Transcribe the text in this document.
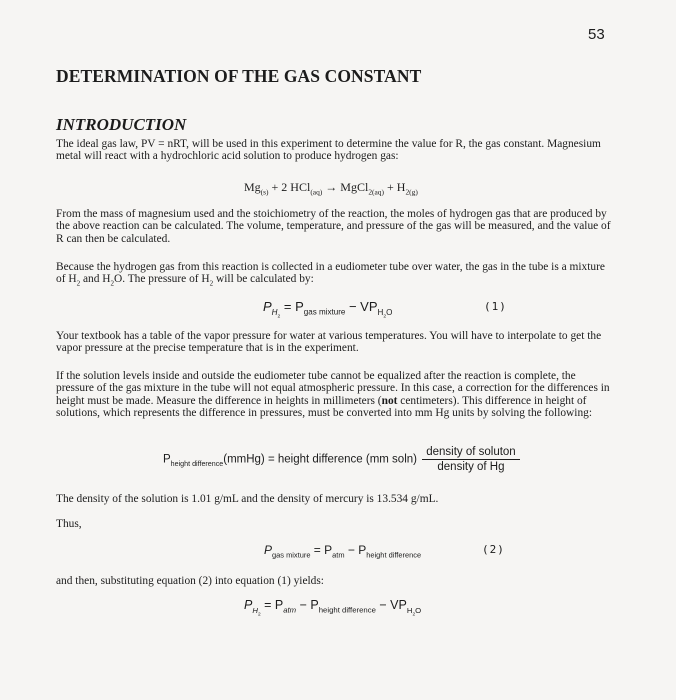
53
DETERMINATION OF THE GAS CONSTANT
INTRODUCTION
The ideal gas law, PV = nRT, will be used in this experiment to determine the value for R, the gas constant. Magnesium metal will react with a hydrochloric acid solution to produce hydrogen gas:
$Mg_{(s)} + 2$ HCl$_{(aq)}$ → MgCl$_{2(aq)}$ + $H_{2(g)}$
From the mass of magnesium used and the stoichiometry of the reaction, the moles of hydrogen gas that are produced by the above reaction can be calculated. The volume, temperature, and pressure of the gas will be measured, and the value of R can then be calculated.
Because the hydrogen gas from this reaction is collected in a eudiometer tube over water, the gas in the tube is a mixture of $H_2$ and $H_2O$. The pressure of $H_2$ will be calculated by:
$P_{H_2} = P_{gas mixture} - VP_{H_2O}$	(1)
Your textbook has a table of the vapor pressure for water at various temperatures. You will have to interpolate to get the vapor pressure at the precise temperature that is in the experiment.
If the solution levels inside and outside the eudiometer tube cannot be equalized after the reaction is complete, the pressure of the gas mixture in the tube will not equal atmospheric pressure. In this case, a correction for the differences in height must be made. Measure the difference in heights in millimeters (not centimeters). This difference in height of solutions, which represents the difference in pressures, must be converted into mm Hg units by solving the following:
$P_{height difference}(mmHg)$ = height difference (mm $soln) \frac{\text{density of soluton}}{\text{density of Hg}}$
The density of the solution is 1.01 g/mL and the density of mercury is 13.534 g/mL.
Thus,
$P_{gas mixture} = P_{atm} - P_{height difference}$	(2)
and then, substituting equation (2) into equation (1) yields:
$P_{H_2} = P_{atm} - P_{height difference} - VP_{H_2O}$
